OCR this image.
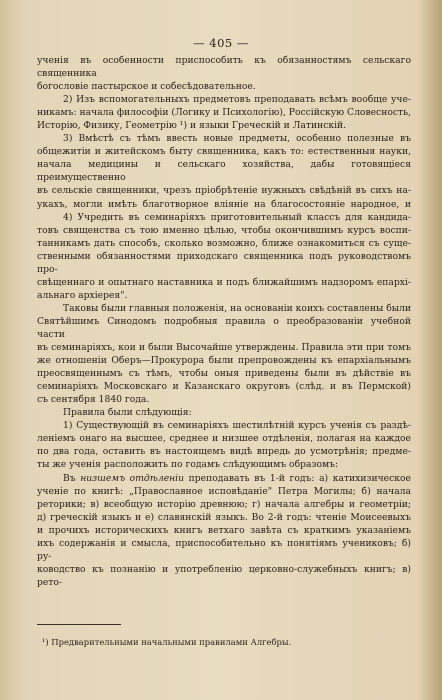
— 405 —

ученія въ особенности приспособить къ обязанностямъ сельскаго священника

богословіе пастырское и собесѣдовательное.

2) Изъ вспомогательныхъ предметовъ преподавать всѣмъ вообще уче-

никамъ: начала философіи (Логику и Психологію), Россійскую Словесность,

Исторію, Физику, Геометрію ¹) и языки Греческій и Латинскій.

3) Вмѣстѣ съ тѣмъ ввесть новые предметы, особенно полезные въ

общежитіи и житейскомъ быту священника, какъ то: естественныя науки,

начала медицины и сельскаго хозяйства, дабы готовящіеся преимущественно

въ сельскіе священники, чрезъ пріобрѣтеніе нужныхъ свѣдѣній въ сихъ на-

укахъ, могли имѣть благотворное вліяніе на благосостояніе народное, и

4) Учредить въ семинаріяхъ приготовительный классъ для кандида-

товъ священства съ тою именно цѣлью, чтобы окончившимъ курсъ воспи-

танникамъ дать способъ, сколько возможно, ближе ознакомиться съ суще-

ственными обязанностями приходскаго священника подъ руководствомъ про-

свѣщеннаго и опытнаго наставника и подъ ближайшимъ надзоромъ епархі-

альнаго архіерея".

Таковы были главныя положенія, на основаніи коихъ составлены были

Святѣйшимъ Синодомъ подробныя правила о преобразованіи учебной части

въ семинаріяхъ, кои и были Высочайше утверждены. Правила эти при томъ

же отношеніи Оберъ—Прокурора были препровождены къ епархіальнымъ

преосвященнымъ съ тѣмъ, чтобы оныя приведены были въ дѣйствіе въ

семинаріяхъ Московскаго и Казанскаго округовъ (слѣд. и въ Пермской)

съ сентября 1840 года.

Правила были слѣдующія:

1) Существующій въ семинаріяхъ шестилѣтній курсъ ученія съ раздѣ-

леніемъ онаго на высшее, среднее и низшее отдѣленія, полагая на каждое

по два года, оставить въ настоящемъ видѣ впредь до усмотрѣнія; предме-

ты же ученія расположить по годамъ слѣдующимъ образомъ:

Въ низшемъ отдѣленіи преподавать въ 1-й годъ: а) катихизическое

ученіе по книгѣ: „Православное исповѣданіе" Петра Могилы; б) начала

реторики; в) всеобщую исторію древнюю; г) начала алгебры и геометріи;

д) греческій языкъ и е) славянскій языкъ. Во 2-й годъ: чтеніе Моисеевыхъ

и прочихъ историческихъ книгъ ветхаго завѣта съ краткимъ указаніемъ

ихъ содержанія и смысла, приспособительно къ понятіямъ учениковъ; б) ру-

ководство къ познанію и употребленію церковно-служебныхъ книгъ; в) рето-

¹) Предварительными начальными правилами Алгебры.
